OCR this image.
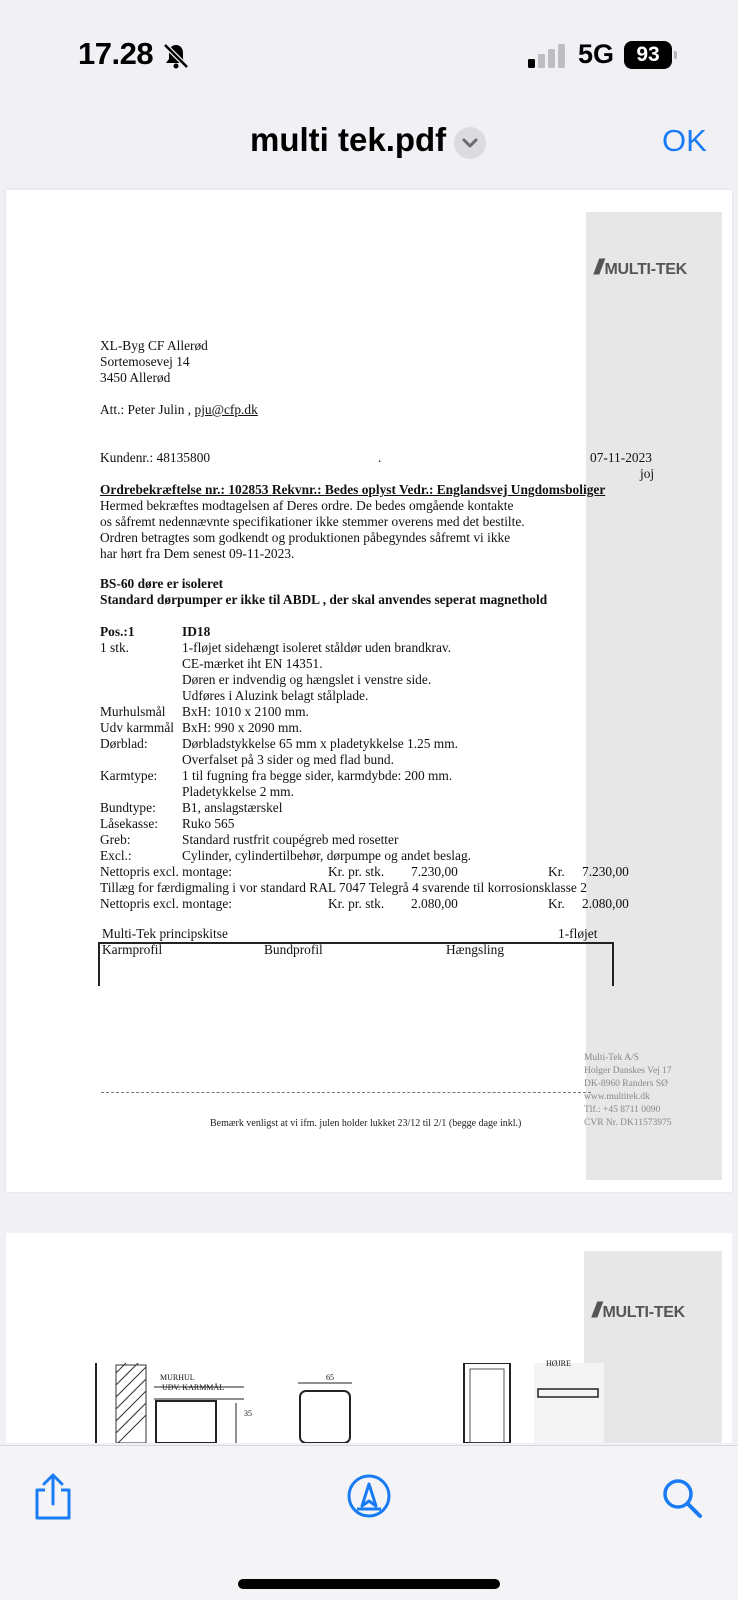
17.28	5G	93
multi tek.pdf	OK
/// MULTI-TEK
XL-Byg CF Allerød
Sortemosevej 14
3450 Allerød
Att.: Peter Julin , pju@cfp.dk
Kundenr.: 48135800	.	07-11-2023
joj
Ordrebekræftelse nr.: 102853 Rekvnr.: Bedes oplyst Vedr.: Englandsvej Ungdomsboliger
Hermed bekræftes modtagelsen af Deres ordre. De bedes omgående kontakte
os såfremt nedennævnte specifikationer ikke stemmer overens med det bestilte.
Ordren betragtes som godkendt og produktionen påbegyndes såfremt vi ikke
har hørt fra Dem senest 09-11-2023.
BS-60 døre er isoleret
Standard dørpumper er ikke til ABDL , der skal anvendes seperat magnethold
Pos.:1	ID18
1 stk.	1-fløjet sidehængt isoleret ståldør uden brandkrav.
CE-mærket iht EN 14351.
Døren er indvendig og hængslet i venstre side.
Udføres i Aluzink belagt stålplade.
Murhulsmål BxH: 1010 x 2100 mm.
Udv karmmål BxH: 990 x 2090 mm.
Dørblad:	Dørbladstykkelse 65 mm x pladetykkelse 1.25 mm.
Overfalset på 3 sider og med flad bund.
Karmtype: 1 til fugning fra begge sider, karmdybde: 200 mm.
Pladetykkelse 2 mm.
Bundtype: B1, anslagstærskel
Låsekasse: Ruko 565
Greb:	Standard rustfrit coupégreb med rosetter
Excl.:	Cylinder, cylindertilbehør, dørpumpe og andet beslag.
Nettopris excl. montage:	Kr. pr. stk. 7.230,00	Kr. 7.230,00
Tillæg for færdigmaling i vor standard RAL 7047 Telegrå 4 svarende til korrosionsklasse 2
Nettopris excl. montage:	Kr. pr. stk. 2.080,00	Kr. 2.080,00
Multi-Tek principskitse	1-fløjet
Karmprofil	Bundprofil	Hængsling
Multi-Tek A/S
Holger Danskes Vej 17
DK-8960 Randers SØ
www.multitek.dk
Tlf.: +45 8711 0090
CVR Nr. DK11573975
Bemærk venligst at vi ifm. julen holder lukket 23/12 til 2/1 (begge dage inkl.)
/// MULTI-TEK
MURHUL
UDV. KARMMÅL
65
HØJRE
35
